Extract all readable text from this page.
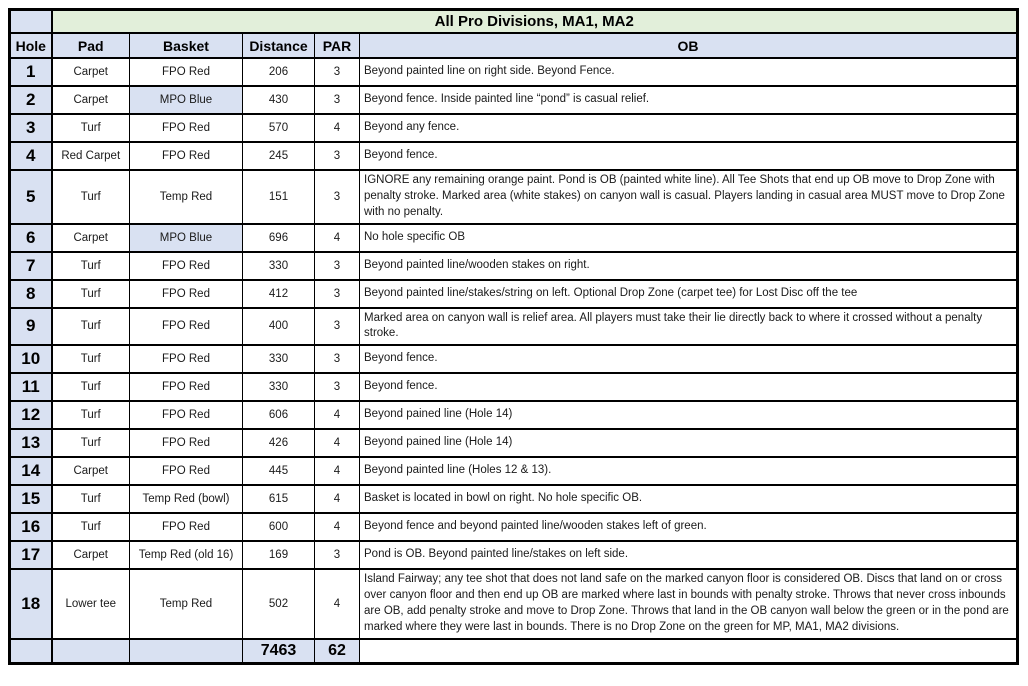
	All Pro Divisions, MA1, MA2				
Hole	Pad	Basket	Distance	PAR	OB
1	Carpet	FPO Red	206	3	Beyond painted line on right side. Beyond Fence.
2	Carpet	MPO Blue	430	3	Beyond fence. Inside painted line “pond” is casual relief.
3	Turf	FPO Red	570	4	Beyond any fence.
4	Red Carpet	FPO Red	245	3	Beyond fence.
5	Turf	Temp Red	151	3	IGNORE any remaining orange paint. Pond is OB (painted white line). All Tee Shots that end up OB move to Drop Zone with penalty stroke. Marked area (white stakes) on canyon wall is casual. Players landing in casual area MUST move to Drop Zone with no penalty.
6	Carpet	MPO Blue	696	4	No hole specific OB
7	Turf	FPO Red	330	3	Beyond painted line/wooden stakes on right.
8	Turf	FPO Red	412	3	Beyond painted line/stakes/string on left. Optional Drop Zone (carpet tee) for Lost Disc off the tee
9	Turf	FPO Red	400	3	Marked area on canyon wall is relief area. All players must take their lie directly back to where it crossed without a penalty stroke.
10	Turf	FPO Red	330	3	Beyond fence.
11	Turf	FPO Red	330	3	Beyond fence.
12	Turf	FPO Red	606	4	Beyond pained line (Hole 14)
13	Turf	FPO Red	426	4	Beyond pained line (Hole 14)
14	Carpet	FPO Red	445	4	Beyond painted line (Holes 12 & 13).
15	Turf	Temp Red (bowl)	615	4	Basket is located in bowl on right. No hole specific OB.
16	Turf	FPO Red	600	4	Beyond fence and beyond painted line/wooden stakes left of green.
17	Carpet	Temp Red (old 16)	169	3	Pond is OB. Beyond painted line/stakes on left side.
18	Lower tee	Temp Red	502	4	Island Fairway; any tee shot that does not land safe on the marked canyon floor is considered OB. Discs that land on or cross over canyon floor and then end up OB are marked where last in bounds with penalty stroke. Throws that never cross inbounds are OB, add penalty stroke and move to Drop Zone. Throws that land in the OB canyon wall below the green or in the pond are marked where they were last in bounds. There is no Drop Zone on the green for MP, MA1, MA2 divisions.
			7463	62	
